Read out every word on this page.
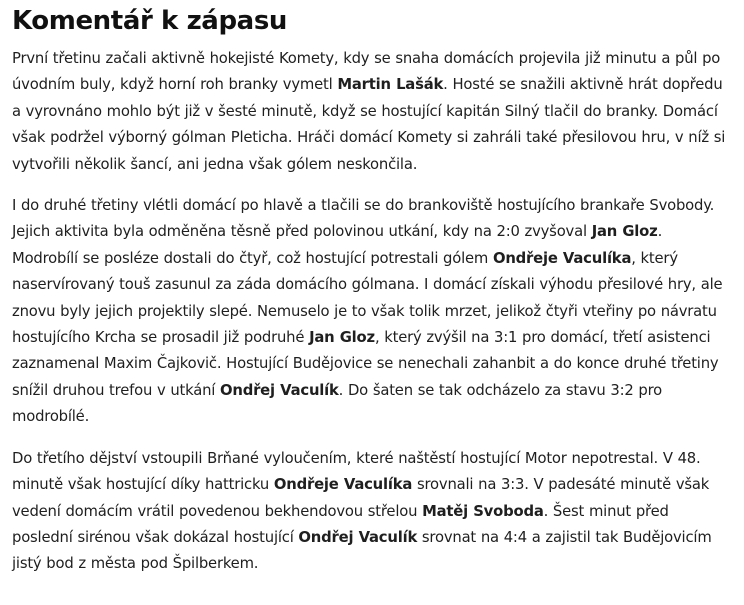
Komentář k zápasu

První třetinu začali aktivně hokejisté Komety, kdy se snaha domácích projevila již minutu a půl po úvodním buly, když horní roh branky vymetl Martin Lašák. Hosté se snažili aktivně hrát dopředu a vyrovnáno mohlo být již v šesté minutě, když se hostující kapitán Silný tlačil do branky. Domácí však podržel výborný gólman Pleticha. Hráči domácí Komety si zahráli také přesilovou hru, v níž si vytvořili několik šancí, ani jedna však gólem neskončila.

I do druhé třetiny vlétli domácí po hlavě a tlačili se do brankoviště hostujícího brankaře Svobody. Jejich aktivita byla odměněna těsně před polovinou utkání, kdy na 2:0 zvyšoval Jan Gloz. Modrobílí se posléze dostali do čtyř, což hostující potrestali gólem Ondřeje Vaculíka, který naservírovaný touš zasunul za záda domácího gólmana. I domácí získali výhodu přesilové hry, ale znovu byly jejich projektily slepé. Nemuselo je to však tolik mrzet, jelikož čtyři vteřiny po návratu hostujícího Krcha se prosadil již podruhé Jan Gloz, který zvýšil na 3:1 pro domácí, třetí asistenci zaznamenal Maxim Čajkovič. Hostující Budějovice se nenechali zahanbit a do konce druhé třetiny snížil druhou trefou v utkání Ondřej Vaculík. Do šaten se tak odcházelo za stavu 3:2 pro modrobílé.

Do třetího dějství vstoupili Brňané vyloučením, které naštěstí hostující Motor nepotrestal. V 48. minutě však hostující díky hattricku Ondřeje Vaculíka srovnali na 3:3. V padesáté minutě však vedení domácím vrátil povedenou bekhendovou střelou Matěj Svoboda. Šest minut před poslední sirénou však dokázal hostující Ondřej Vaculík srovnat na 4:4 a zajistil tak Budějovicím jistý bod z města pod Špilberkem.
